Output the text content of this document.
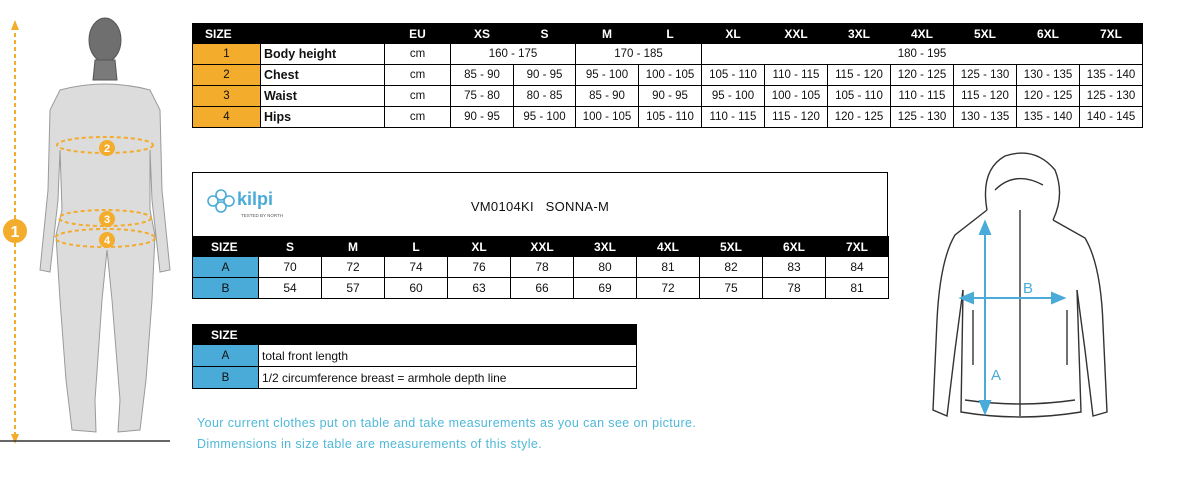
1
2
3
4
SIZE		EU	XS	S	M	L	XL	XXL	3XL	4XL	5XL	6XL	7XL
1	Body height	cm	160 - 175		170 - 185		180 - 195						
2	Chest	cm	85 - 90	90 - 95	95 - 100	100 - 105	105 - 110	110 - 115	115 - 120	120 - 125	125 - 130	130 - 135	135 - 140
3	Waist	cm	75 - 80	80 - 85	85 - 90	90 - 95	95 - 100	100 - 105	105 - 110	110 - 115	115 - 120	120 - 125	125 - 130
4	Hips	cm	90 - 95	95 - 100	100 - 105	105 - 110	110 - 115	115 - 120	120 - 125	125 - 130	130 - 135	135 - 140	140 - 145
kilpi
TESTED BY NORTH
VM0104KI SONNA-M
SIZE	S	M	L	XL	XXL	3XL	4XL	5XL	6XL	7XL
A	70	72	74	76	78	80	81	82	83	84
B	54	57	60	63	66	69	72	75	78	81
SIZE	
A	total front length
B	1/2 circumference breast = armhole depth line
Your current clothes put on table and take measurements as you can see on picture.
Dimmensions in size table are measurements of this style.
A
B
